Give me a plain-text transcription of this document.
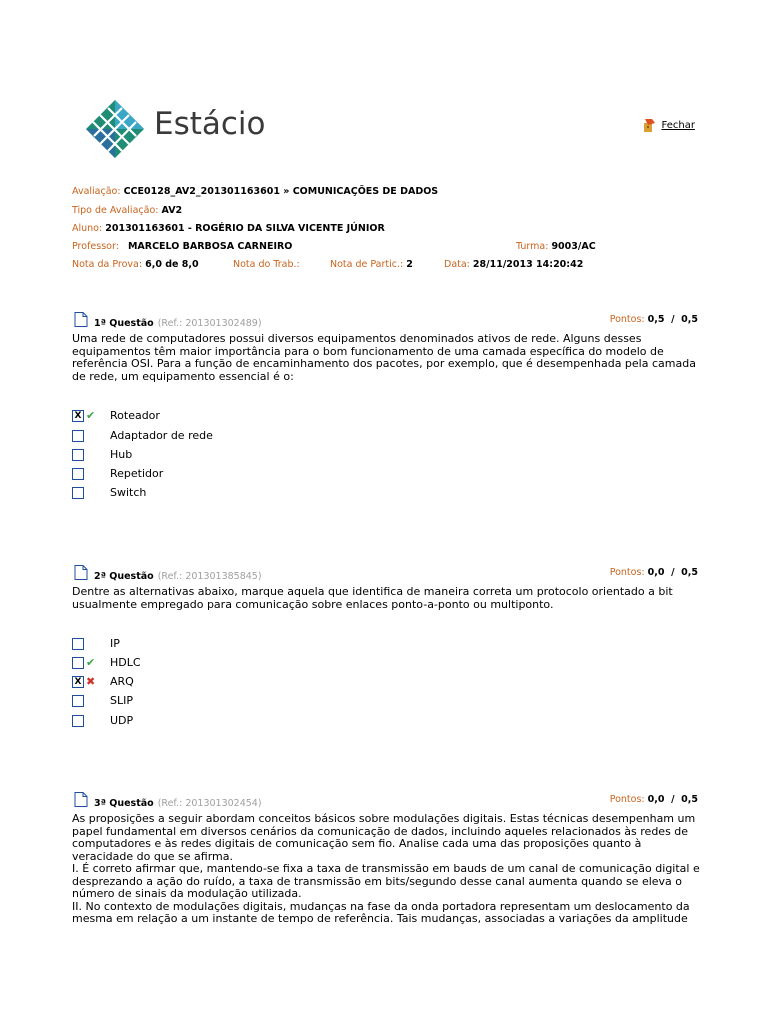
Estácio	Fechar
Avaliação: CCE0128_AV2_201301163601 » COMUNICAÇÕES DE DADOS
Tipo de Avaliação: AV2
Aluno: 201301163601 - ROGÉRIO DA SILVA VICENTE JÚNIOR
Professor: MARCELO BARBOSA CARNEIRO	Turma: 9003/AC
Nota da Prova: 6,0 de 8,0	Nota do Trab.:	Nota de Partic.: 2	Data: 28/11/2013 14:20:42
1ª Questão (Ref.: 201301302489)	Pontos: 0,5  /  0,5
Uma rede de computadores possui diversos equipamentos denominados ativos de rede. Alguns desses equipamentos têm maior importância para o bom funcionamento de uma camada específica do modelo de referência OSI. Para a função de encaminhamento dos pacotes, por exemplo, que é desempenhada pela camada de rede, um equipamento essencial é o:
X ✔ Roteador
Adaptador de rede
Hub
Repetidor
Switch
2ª Questão (Ref.: 201301385845)	Pontos: 0,0  /  0,5
Dentre as alternativas abaixo, marque aquela que identifica de maneira correta um protocolo orientado a bit usualmente empregado para comunicação sobre enlaces ponto-a-ponto ou multiponto.
IP
✔ HDLC
X ✖ ARQ
SLIP
UDP
3ª Questão (Ref.: 201301302454)	Pontos: 0,0  /  0,5
As proposições a seguir abordam conceitos básicos sobre modulações digitais. Estas técnicas desempenham um papel fundamental em diversos cenários da comunicação de dados, incluindo aqueles relacionados às redes de computadores e às redes digitais de comunicação sem fio. Analise cada uma das proposições quanto à veracidade do que se afirma.
I. É correto afirmar que, mantendo-se fixa a taxa de transmissão em bauds de um canal de comunicação digital e desprezando a ação do ruído, a taxa de transmissão em bits/segundo desse canal aumenta quando se eleva o número de sinais da modulação utilizada.
II. No contexto de modulações digitais, mudanças na fase da onda portadora representam um deslocamento da mesma em relação a um instante de tempo de referência. Tais mudanças, associadas a variações da amplitude
